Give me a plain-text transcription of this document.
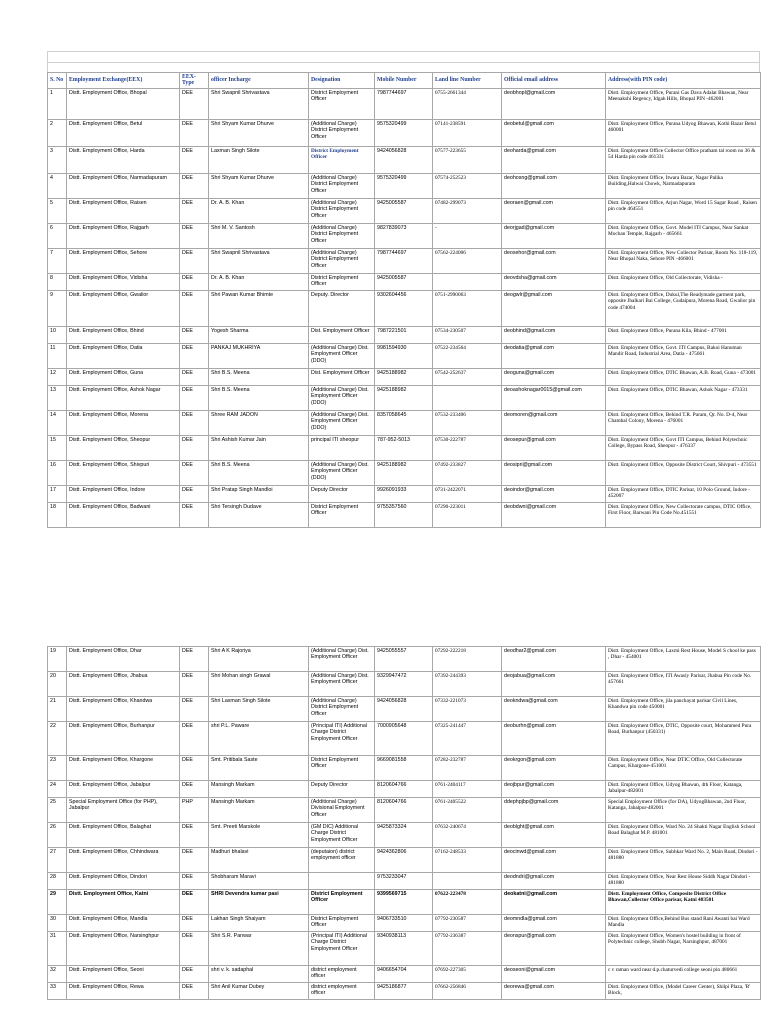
S. No	Employment Exchange(EEX)	EEX-Type	officer Incharge	Designation	Mobile Number	Land line Number	Official email address	Address(with PIN code)
1	Distt. Employment Office, Bhopal	DEE	Shri Swapnil Shrivastava	District Employment Officer	7987744697	0755-2661344	deobhopl@gmail.com	Distt. Employment Office, Purani Gas Dava Adalat Bhawan, Near Meenakshi Regency, Idgah Hills, Bhopal PIN -462001
2	Distt. Employment Office, Betul	DEE	Shri Shyam Kumar Dhurve	(Additional Charge) District Employment Officer	9575320499	07141-238591	deobetul@gmail.com	Distt. Employment Office, Purana Udyog Bhawan, Kothi Bazar Betul 460001
3	Distt. Employment Office, Harda	DEE	Laxman Singh Silote	District Employment Officer	9424056828	07577-223655	deoharda@gmail.com	Distt. Employment Office Collector Office pratham tal room no 36 & 54 Harda pin code 461331
4	Distt. Employment Office, Narmadapuram	DEE	Shri Shyam Kumar Dhurve	(Additional Charge) District Employment Officer	9575320499	07574-252523	deohosng@gmail.com	Distt. Employment Office, Itwara Bazar, Nagar Palika Building,Halwai Chowk, Narmadapuram
5	Distt. Employment Office, Raisen	DEE	Dr. A. B. Khan	(Additional Charge) District Employment Officer	9425005587	07482-299073	deoraen@gmail.com	Distt. Employment Office, Arjun Nagar, Word 15 Sagar Road , Raisen pin code 464551
6	Distt. Employment Office, Rajgarh	DEE	Shri M. V. Santosh	(Additional Charge) District Employment Officer	9827839073	-	deorjgad@gmail.com	Distt. Employment Office, Govt. Model ITI Campus, Near Sankat Mochan Temple, Rajgarh - 465661
7	Distt. Employment Office, Sehore	DEE	Shri Swapnil Shrivastava	(Additional Charge) District Employment Officer	7987744697	07562-224006	deosehor@gmail.com	Distt. Employment Office, New Collector Parisar, Room No. 118-119, Near Bhopal Naka, Sehore PIN -466001
8	Distt. Employment Office, Vidisha	DEE	Dr. A. B. Khan	District Employment Officer	9425005587		deovdsha@gmail.com	Distt. Employment Office, Old Collectorate, Vidisha -
9	Distt. Employment Office, Gwalior	DEE	Shri Pawan Kumar Bhimte	Deputy. Director	9302604456	0751-2990063	deogwlr@gmail.com	Distt. Employment Office, Dukul,The Readymade garment park, opposite Jhalkari Bai College, Gudaipura, Morena Road, Gwalior pin code 474004
10	Distt. Employment Office, Bhind	DEE	Yogesh Sharma	Dist. Employment Officer	7987221501	07534-230507	deobhind@gmail.com	Distt. Employment Office, Purana Kila, Bhind - 477001
11	Distt. Employment Office, Datia	DEE	PANKAJ MUKHRIYA	(Additional Charge) Dist. Employment Officer (DDO)	9981594930	07522-234564	deodatia@gmail.com	Distt. Employment Office, Govt. ITI Campus, Bakoi Hanuman Mandir Road, Industrial Area, Datia - 475661
12	Distt. Employment Office, Guna	DEE	Shri B.S. Meena	Dist. Employment Officer	9425188982	07542-252637	deoguna@gmail.com	Distt. Employment Office, DTIC Bhawan, A.B. Road, Guna - 473001
13	Distt. Employment Office, Ashok Nagar	DEE	Shri B.S. Meena	(Additional Charge) Dist. Employment Officer (DDO)	9425188982		deoashoknagar0015@gmail.com	Distt. Employment Office, DTIC Bhawan, Ashok Nagar - 473331
14	Distt. Employment Office, Morena	DEE	Shree RAM JADON	(Additional Charge) Dist. Employment Officer (DDO)	8357058645	07532-233406	deomoren@gmail.com	Distt. Employment Office, Behind T.R. Puram, Qr. No. D-4, Near Chambal Colony, Morena - 476001
15	Distt. Employment Office, Sheopur	DEE	Shri Ashish Kumar Jain	principal ITI sheopur	787-952-5013	07530-222787	deosepur@gmail.com	Distt. Employment Office, Govt ITI Campus, Behind Polytechnic College, Bypass Road, Sheopur - 476337
16	Distt. Employment Office, Shivpuri	DEE	Shri B.S. Meena	(Additional Charge) Dist. Employment Officer (DDO)	9425188982	07492-233827	deosipri@gmail.com	Distt. Employment Office, Opposite District Court, Shivpuri - 473551
17	Distt. Employment Office, Indore	DEE	Shri Pratap Singh Mandloi	Deputy Director	9926091933	0731-2422071	deoindor@gmail.com	Distt. Employment Office, DTIC Parisar, 10 Polo Ground, Indore - 452007
18	Distt. Employment Office, Badwani	DEE	Shri Tersingh Dudave	District Employment Officer	9755357560	07290-223011	deobdwni@gmail.com	Distt. Employment Office, New Collectorate campus, DTIC Office, First Floor, Barwani Pin Code No.451551
19	Distt. Employment Office, Dhar	DEE	Shri A K Rajoriya	(Additional Charge) Dist. Employment Officer	9425055557	07292-222218	deodhar2@gmail.com	Distt. Employment Office, Laxmi Rest House, Model S chool ke pass , Dhar - 454001
20	Distt. Employment Office, Jhabua	DEE	Shri Mohan singh Grawal	(Additional Charge) Dist. Employment Officer	9329947472	07392-244393	deojabua@gmail.com	Distt. Employment Office, ITI Awasiy Parisar, Jhabua Pin code No. 457661
21	Distt. Employment Office, Khandwa	DEE	Shri Laxman Singh Silote	(Additional Charge) District Employment Officer	9424056828	07332-221073	deokndwa@gmail.com	Distt. Employment Office, jila panchayat parisar Civil Lines, Khandwa pin code 450001
22	Distt. Employment Office, Burhanpur	DEE	shri P.L. Paware	(Principal ITI) Additional Charge District Employment Officer	7000905648	07325-241447	deoburhn@gmail.com	Distt. Employment Office, DTIC, Opposite court, Mohammed Pura Road, Burhanpur (450331)
23	Distt. Employment Office, Khargone	DEE	Smt. Pritibala Saste	District Employment Officer	9669081558	07282-232787	deokrgon@gmail.com	Distt. Employment Office, Near DTIC Office, Old Collectorate Campus, Khargone-451001
24	Distt. Employment Office, Jabalpur	DEE	Mansingh Markam	Deputy Director	8120604766	0761-2404117	deojbpur@gmail.com	Distt. Employment Office, Udyog Bhawan, 4th Floor, Katanga, Jabalpur-482001
25	Special Employment Office (for PHP), Jabalpur	PHP	Mansingh Markam	(Additional Charge) Divisional Employment Officer	8120604766	0761-2405522	ddephpjbp@gmail.com	Special Employment Office (for DA), UdyogBhawan, 2nd Floor, Katanga, Jabalpur-482001
26	Distt. Employment Office, Balaghat	DEE	Smt. Preeti Marskole	(GM DIC) Additional Charge District Employment Officer	9425873324	07632-240674	deoblght@gmail.com	Distt. Employment Office, Ward No. 24 Shakti Nagar English School Road Balaghat M.P. 481001
27	Distt. Employment Office, Chhindwara	DEE	Madhuri bhalavi	(deputaion) district employment officer	9424362806	07162-248533	deocinwd@gmail.com	Distt. Employment Office, Subhkar Ward No. 2, Main Road, Dindori - 481880
28	Distt. Employment Office, Dindori	DEE	Shobharam Maravi		9753233047		deodndri@gmail.com	Distt. Employment Office, Near Rest House Siddh Nagar Dindori - 481880
29	Distt. Employment Office, Katni	DEE	SHRI Devendra kumar pasi	District Employment Officer	9399569715	07622-223478	deokatni@gmail.com	Distt. Employment Office, Composite District Office Bhawan,Collector Office parisar, Katni 483501
30	Distt. Employment Office, Mandla	DEE	Lakhan Singh Shaiyam	District Employment Officer	9406733510	07792-230587	deomndla@gmail.com	Distt. Employment Office,Behind Bus stand Rani Awanti bai Ward Mandla
31	Distt. Employment Office, Narsinghpur	DEE	Shri S.R. Panwar	(Principal ITI) Additional Charge District Employment Officer	9340938113	07792-236387	deonspur@gmail.com	Distt. Employment Office, Women's hostel building in front of Polytechnic college, Shubh Nagar, Narsinghpur, 487001
32	Distt. Employment Office, Seoni	DEE	shri v. k. sadaphal	district employment officer	9406654704	07692-227305	deoseoni@gmail.com	c v raman ward near d.p.chaturvedi college seoni pin 480661
33	Distt. Employment Office, Rewa	DEE	Shri Anil Kumar Dubey	district employment officer	9425186877	07662-256846	deorewa@gmail.com	Distt. Employment Office, (Model Career Center), Shilpi Plaza, 'B' Block,
